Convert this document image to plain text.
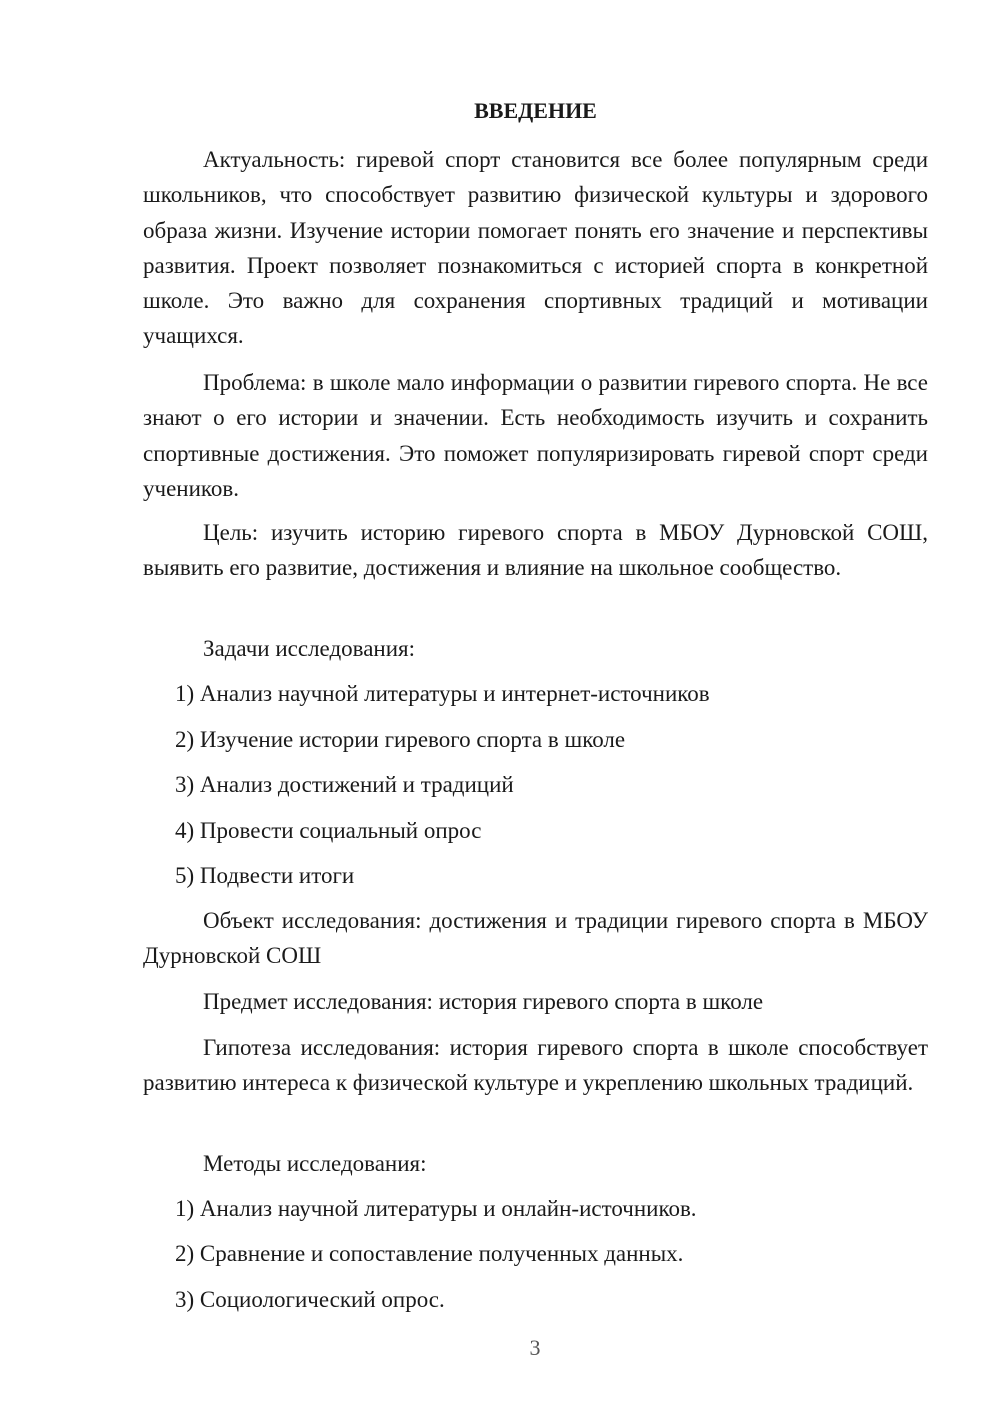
ВВЕДЕНИЕ

Актуальность: гиревой спорт становится все более популярным среди школьников, что способствует развитию физической культуры и здорового образа жизни. Изучение истории помогает понять его значение и перспективы развития. Проект позволяет познакомиться с историей спорта в конкретной школе. Это важно для сохранения спортивных традиций и мотивации учащихся.

Проблема: в школе мало информации о развитии гиревого спорта. Не все знают о его истории и значении. Есть необходимость изучить и сохранить спортивные достижения. Это поможет популяризировать гиревой спорт среди учеников.

Цель: изучить историю гиревого спорта в МБОУ Дурновской СОШ, выявить его развитие, достижения и влияние на школьное сообщество.

Задачи исследования:

1) Анализ научной литературы и интернет-источников

2) Изучение истории гиревого спорта в школе

3) Анализ достижений и традиций

4) Провести социальный опрос

5) Подвести итоги

Объект исследования: достижения и традиции гиревого спорта в МБОУ Дурновской СОШ

Предмет исследования: история гиревого спорта в школе

Гипотеза исследования: история гиревого спорта в школе способствует развитию интереса к физической культуре и укреплению школьных традиций.

Методы исследования:

1) Анализ научной литературы и онлайн-источников.

2) Сравнение и сопоставление полученных данных.

3) Социологический опрос.

3
